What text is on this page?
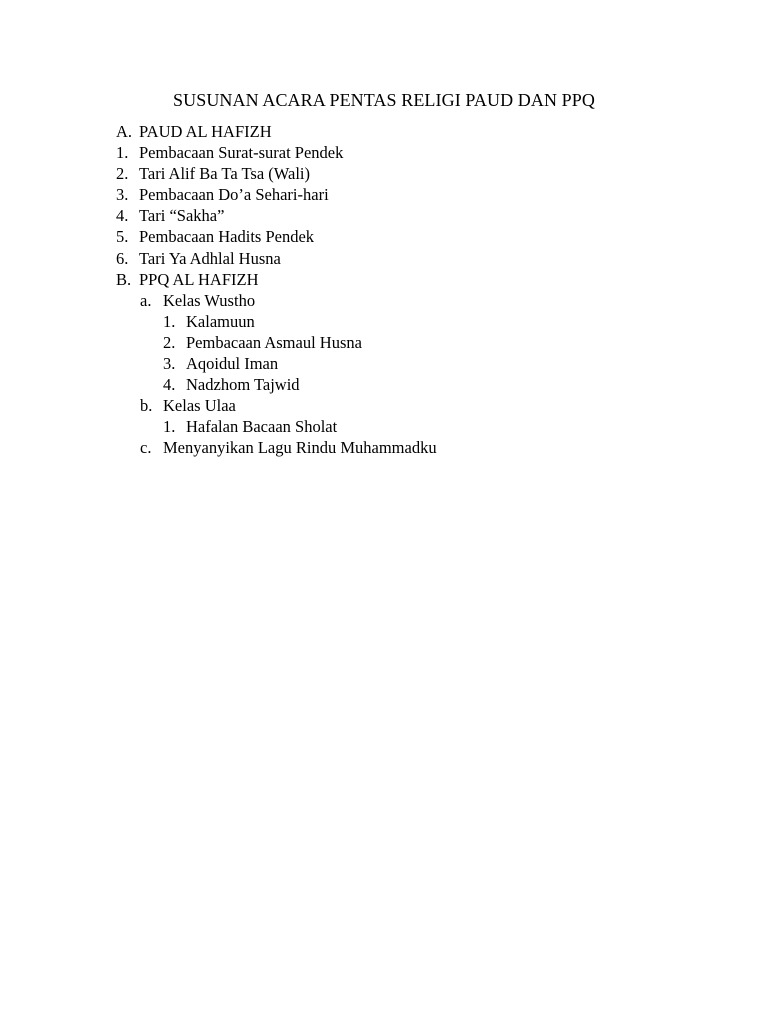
SUSUNAN ACARA PENTAS RELIGI PAUD DAN PPQ
A. PAUD AL HAFIZH
1. Pembacaan Surat-surat Pendek
2. Tari Alif Ba Ta Tsa (Wali)
3. Pembacaan Do’a Sehari-hari
4. Tari “Sakha”
5. Pembacaan Hadits Pendek
6. Tari Ya Adhlal Husna
B. PPQ AL HAFIZH
a. Kelas Wustho
1. Kalamuun
2. Pembacaan Asmaul Husna
3. Aqoidul Iman
4. Nadzhom Tajwid
b. Kelas Ulaa
1. Hafalan Bacaan Sholat
c. Menyanyikan Lagu Rindu Muhammadku
